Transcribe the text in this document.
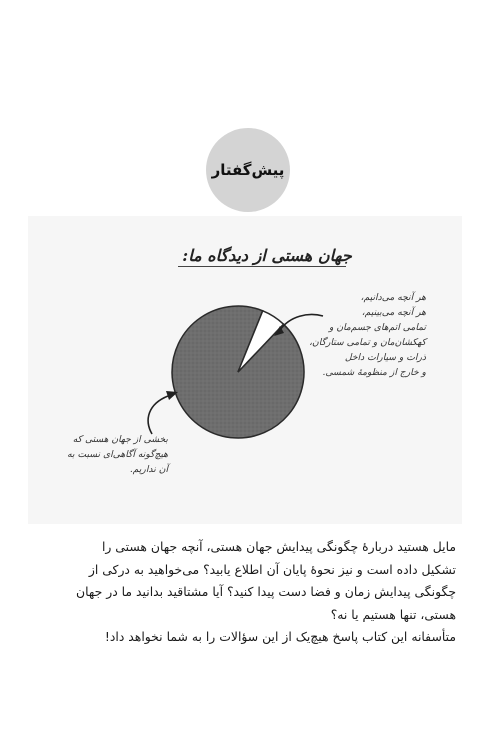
پیش‌گفتار
جهان هستی از دیدگاه ما:
هر آنچه می‌دانیم،
هر آنچه می‌بینیم،
تمامی اتم‌های جسم‌مان و
کهکشان‌مان و تمامی ستارگان،
ذرات و سیارات داخل
و خارج از منظومهٔ شمسی.
بخشی از جهان هستی که
هیچ‌گونه آگاهی‌ای نسبت به
آن نداریم.
مایل هستید دربارهٔ چگونگی پیدایش جهان هستی، آنچه جهان هستی را
تشکیل داده است و نیز نحوهٔ پایان آن اطلاع یابید؟ می‌خواهید به درکی از
چگونگی پیدایش زمان و فضا دست پیدا کنید؟ آیا مشتاقید بدانید ما در جهان
هستی، تنها هستیم یا نه؟
متأسفانه این کتاب پاسخ هیچ‌یک از این سؤالات را به شما نخواهد داد!
